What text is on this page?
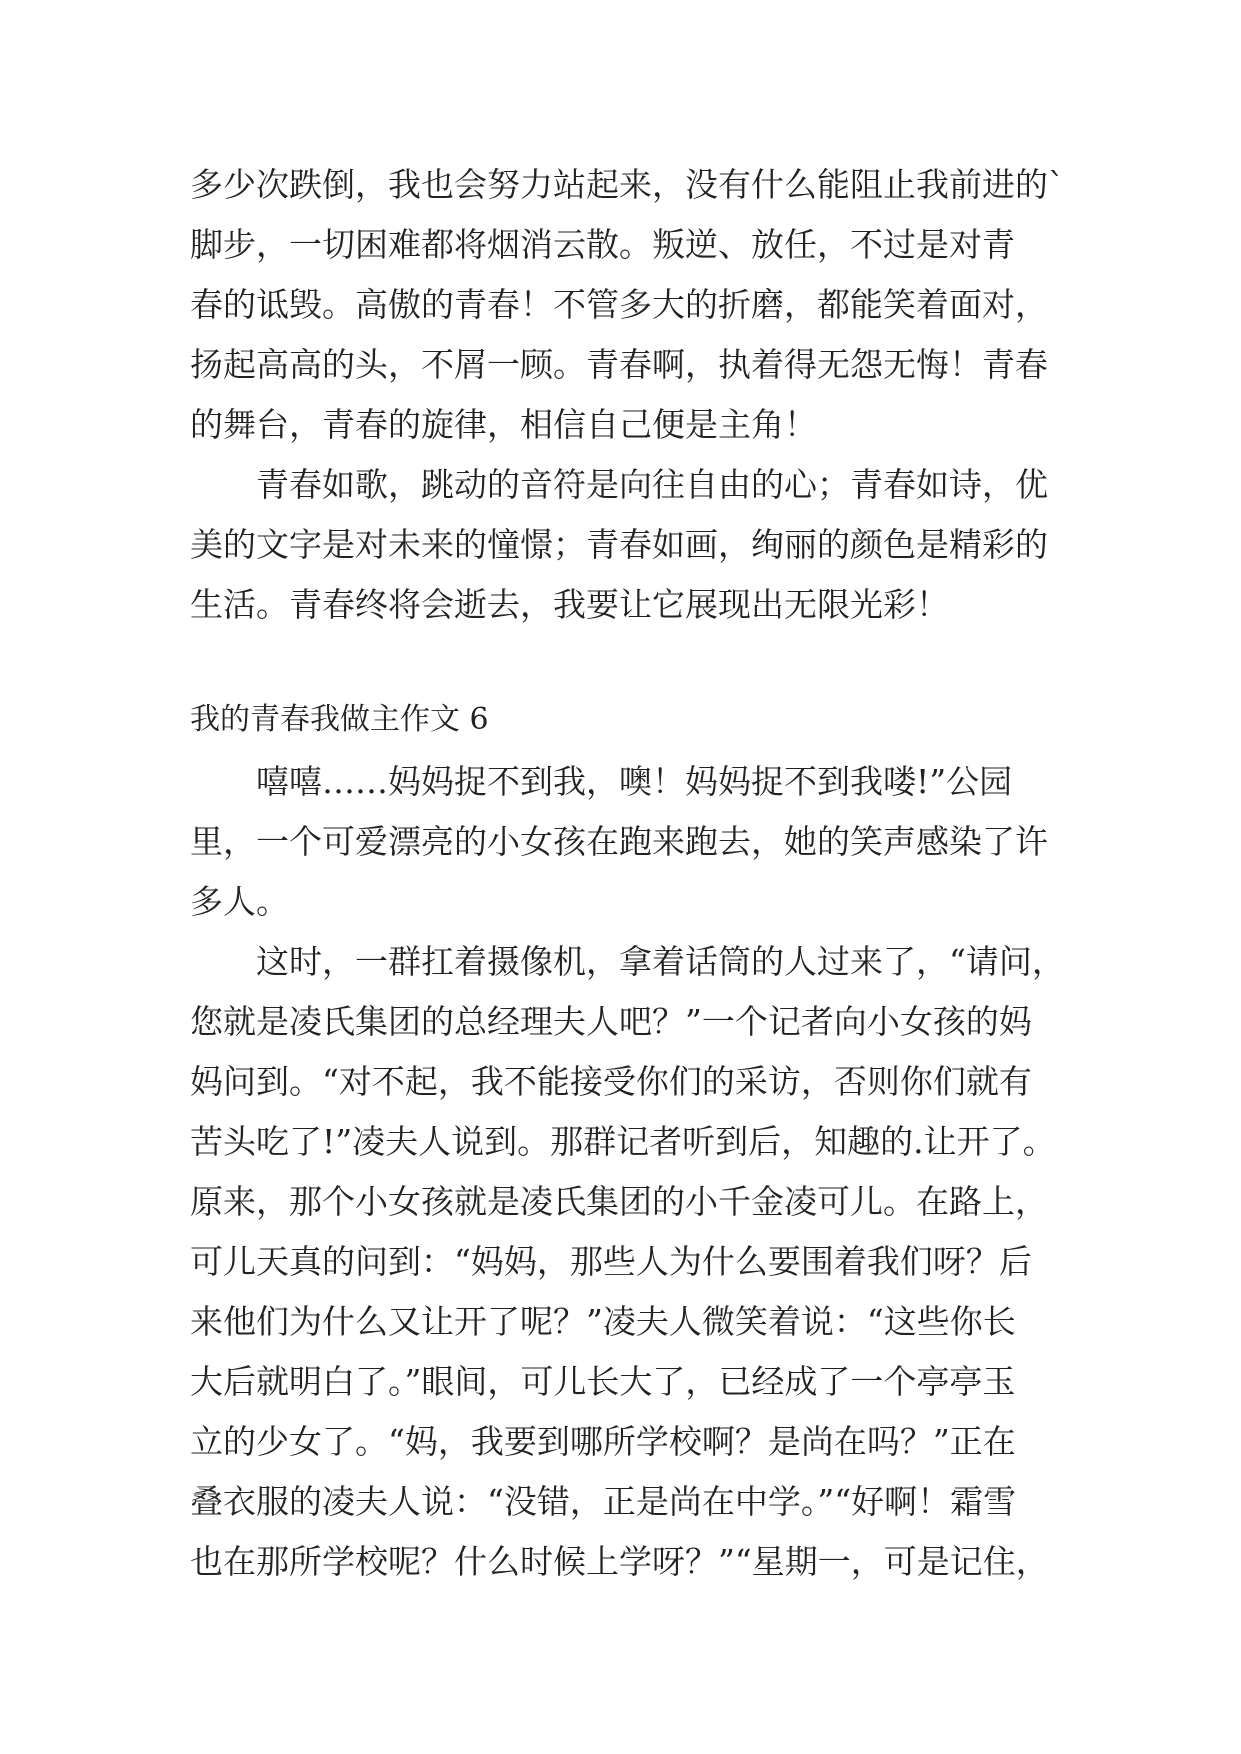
多少次跌倒，我也会努力站起来，没有什么能阻止我前进的`
脚步，一切困难都将烟消云散。叛逆、放任，不过是对青
春的诋毁。高傲的青春！不管多大的折磨，都能笑着面对，
扬起高高的头，不屑一顾。青春啊，执着得无怨无悔！青春
的舞台，青春的旋律，相信自己便是主角！
青春如歌，跳动的音符是向往自由的心；青春如诗，优
美的文字是对未来的憧憬；青春如画，绚丽的颜色是精彩的
生活。青春终将会逝去，我要让它展现出无限光彩！
我的青春我做主作文 6
嘻嘻……妈妈捉不到我，噢！妈妈捉不到我喽!”公园
里，一个可爱漂亮的小女孩在跑来跑去，她的笑声感染了许
多人。
这时，一群扛着摄像机，拿着话筒的人过来了，“请问，
您就是凌氏集团的总经理夫人吧？”一个记者向小女孩的妈
妈问到。“对不起，我不能接受你们的采访，否则你们就有
苦头吃了!”凌夫人说到。那群记者听到后，知趣的.让开了。
原来，那个小女孩就是凌氏集团的小千金凌可儿。在路上，
可儿天真的问到：“妈妈，那些人为什么要围着我们呀？后
来他们为什么又让开了呢？”凌夫人微笑着说：“这些你长
大后就明白了。”眼间，可儿长大了，已经成了一个亭亭玉
立的少女了。“妈，我要到哪所学校啊？是尚在吗？”正在
叠衣服的凌夫人说：“没错，正是尚在中学。”“好啊！霜雪
也在那所学校呢？什么时候上学呀？”“星期一，可是记住，
